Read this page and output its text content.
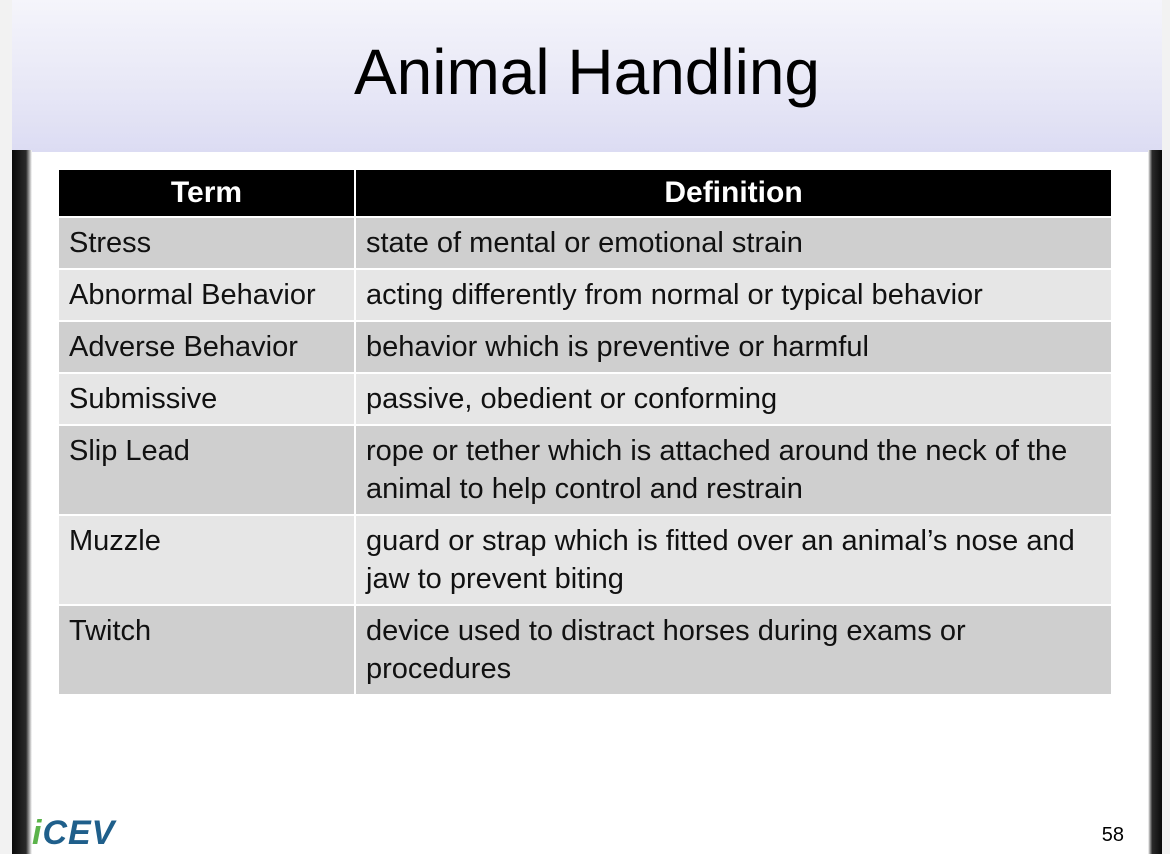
Animal Handling
Term	Definition
Stress	state of mental or emotional strain
Abnormal Behavior	acting differently from normal or typical behavior
Adverse Behavior	behavior which is preventive or harmful
Submissive	passive, obedient or conforming
Slip Lead	rope or tether which is attached around the neck of the animal to help control and restrain
Muzzle	guard or strap which is fitted over an animal’s nose and jaw to prevent biting
Twitch	device used to distract horses during exams or procedures
iCEV	58
